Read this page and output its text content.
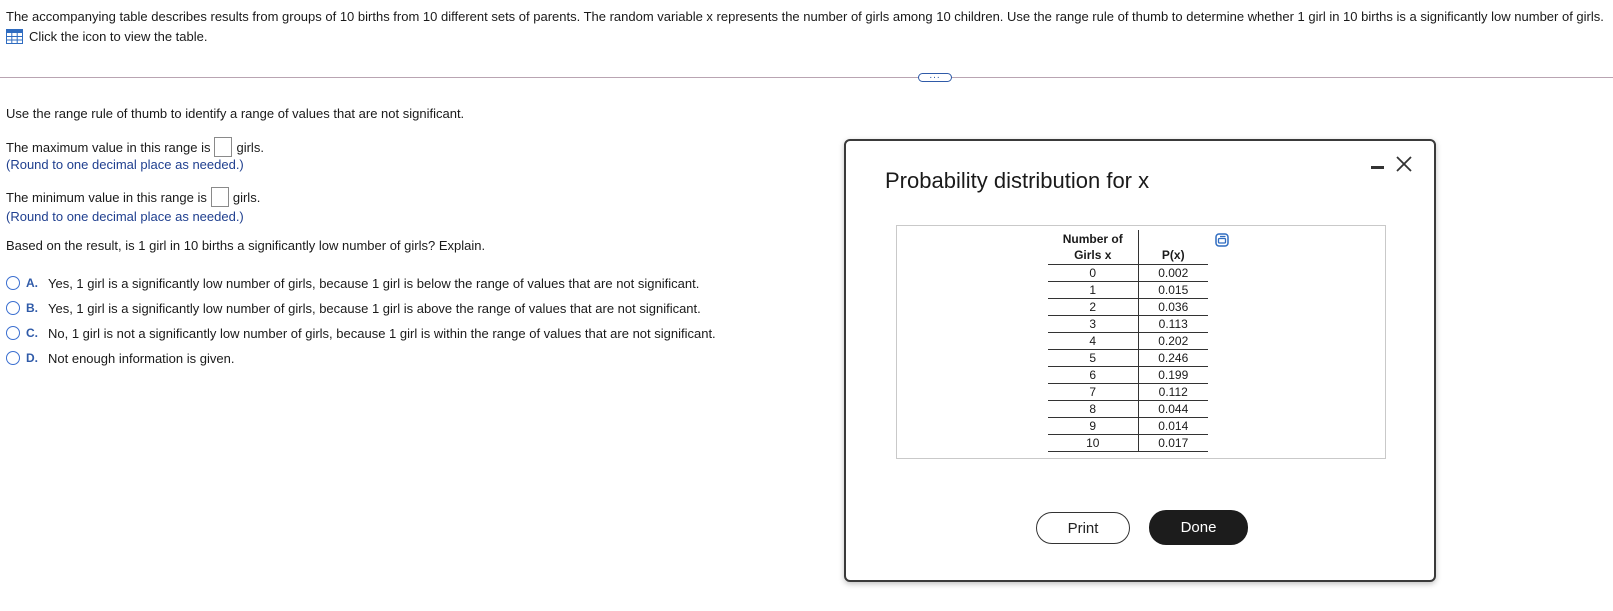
The accompanying table describes results from groups of 10 births from 10 different sets of parents. The random variable x represents the number of girls among 10 children. Use the range rule of thumb to determine whether 1 girl in 10 births is a significantly low number of girls.
Click the icon to view the table.
...
Use the range rule of thumb to identify a range of values that are not significant.
The maximum value in this range is girls.
(Round to one decimal place as needed.)
The minimum value in this range is girls.
(Round to one decimal place as needed.)
Based on the result, is 1 girl in 10 births a significantly low number of girls? Explain.
A. Yes, 1 girl is a significantly low number of girls, because 1 girl is below the range of values that are not significant.
B. Yes, 1 girl is a significantly low number of girls, because 1 girl is above the range of values that are not significant.
C. No, 1 girl is not a significantly low number of girls, because 1 girl is within the range of values that are not significant.
D. Not enough information is given.
Probability distribution for x
Number of
Girls x	P(x)
0	0.002
1	0.015
2	0.036
3	0.113
4	0.202
5	0.246
6	0.199
7	0.112
8	0.044
9	0.014
10	0.017
Print	Done
